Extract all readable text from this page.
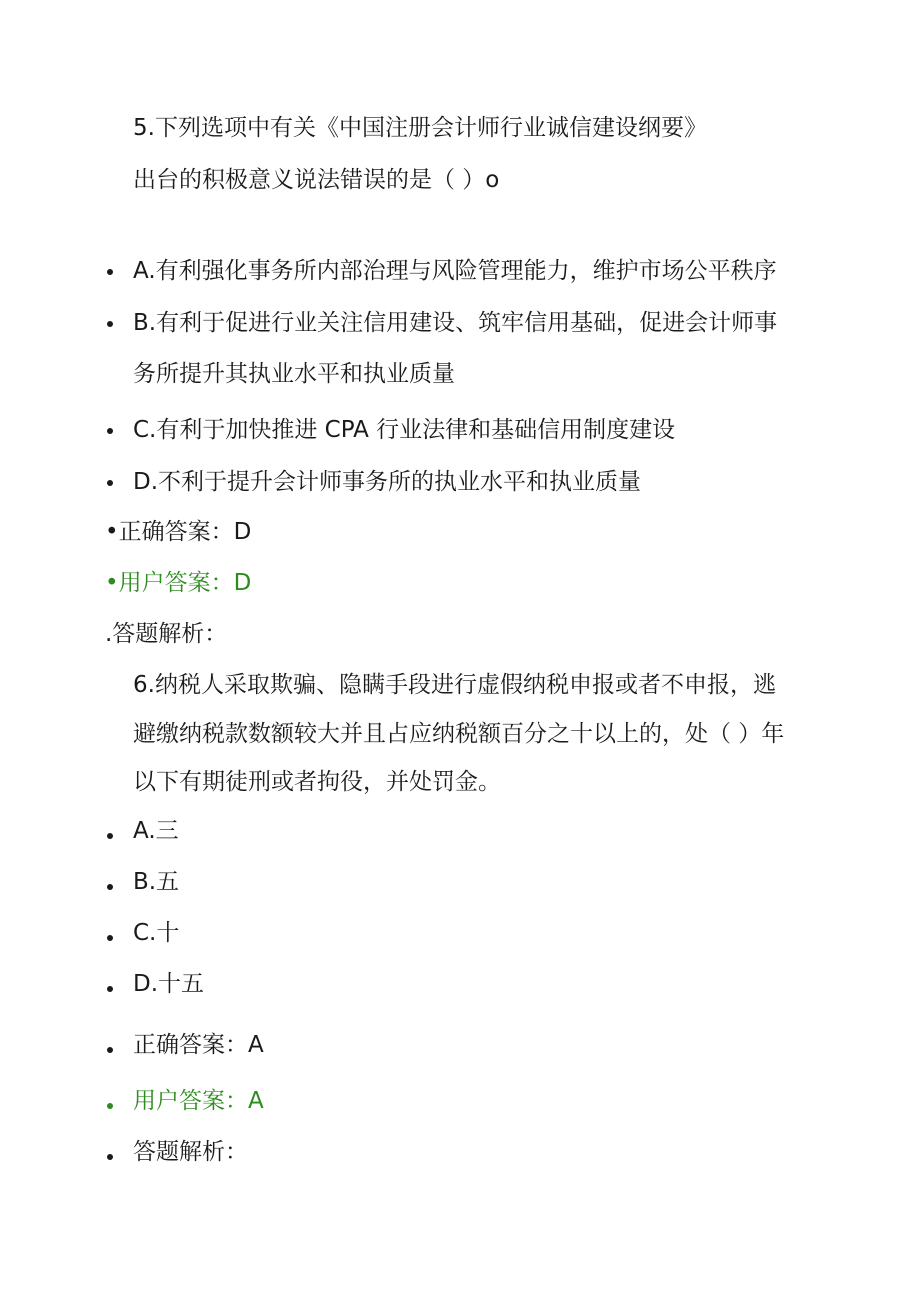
5.下列选项中有关《中国注册会计师行业诚信建设纲要》
出台的积极意义说法错误的是（ ）o
A.有利强化事务所内部治理与风险管理能力，维护市场公平秩序
B.有利于促进行业关注信用建设、筑牢信用基础，促进会计师事
务所提升其执业水平和执业质量
C.有利于加快推进 CPA 行业法律和基础信用制度建设
D.不利于提升会计师事务所的执业水平和执业质量
•正确答案：D
•用户答案：D
.答题解析：
6.纳税人采取欺骗、隐瞒手段进行虚假纳税申报或者不申报，逃
避缴纳税款数额较大并且占应纳税额百分之十以上的，处（ ）年
以下有期徒刑或者拘役，并处罚金。
A.三
B.五
C.十
D.十五
正确答案：A
用户答案：A
答题解析：
